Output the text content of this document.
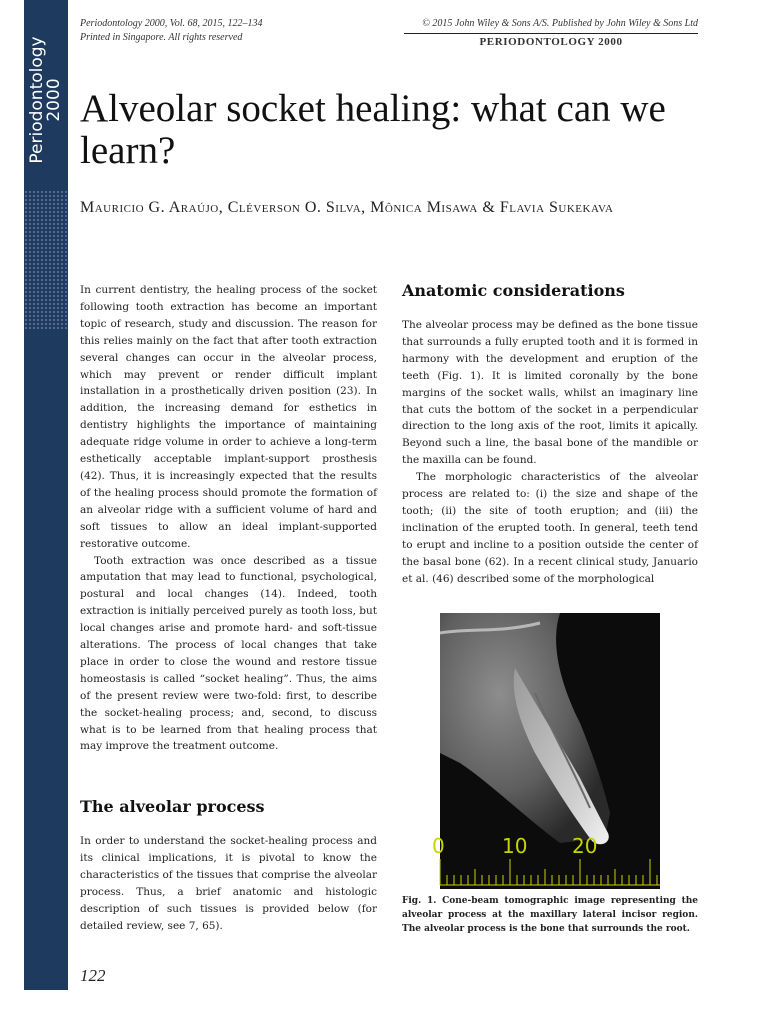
Periodontology
2000
Periodontology 2000, Vol. 68, 2015, 122–134
Printed in Singapore. All rights reserved
© 2015 John Wiley & Sons A/S. Published by John Wiley & Sons Ltd
PERIODONTOLOGY 2000
Alveolar socket healing: what can we learn?
Mauricio G. Araújo, Cléverson O. Silva, Mônica Misawa & Flavia Sukekava

In current dentistry, the healing process of the socket following tooth extraction has become an important topic of research, study and discussion. The reason for this relies mainly on the fact that after tooth extraction several changes can occur in the alveolar process, which may prevent or render difficult implant installation in a prosthetically driven position (23). In addition, the increasing demand for esthetics in dentistry highlights the importance of maintaining adequate ridge volume in order to achieve a long-term esthetically acceptable implant-support prosthesis (42). Thus, it is increasingly expected that the results of the healing process should promote the formation of an alveolar ridge with a sufficient volume of hard and soft tissues to allow an ideal implant-supported restorative outcome.

Tooth extraction was once described as a tissue amputation that may lead to functional, psychological, postural and local changes (14). Indeed, tooth extraction is initially perceived purely as tooth loss, but local changes arise and promote hard- and soft-tissue alterations. The process of local changes that take place in order to close the wound and restore tissue homeostasis is called “socket healing”. Thus, the aims of the present review were two-fold: first, to describe the socket-healing process; and, second, to discuss what is to be learned from that healing process that may improve the treatment outcome.

The alveolar process

In order to understand the socket-healing process and its clinical implications, it is pivotal to know the characteristics of the tissues that comprise the alveolar process. Thus, a brief anatomic and histologic description of such tissues is provided below (for detailed review, see 7, 65).

Anatomic considerations

The alveolar process may be defined as the bone tissue that surrounds a fully erupted tooth and it is formed in harmony with the development and eruption of the teeth (Fig. 1). It is limited coronally by the bone margins of the socket walls, whilst an imaginary line that cuts the bottom of the socket in a perpendicular direction to the long axis of the root, limits it apically. Beyond such a line, the basal bone of the mandible or the maxilla can be found.

The morphologic characteristics of the alveolar process are related to: (i) the size and shape of the tooth; (ii) the site of tooth eruption; and (iii) the inclination of the erupted tooth. In general, teeth tend to erupt and incline to a position outside the center of the basal bone (62). In a recent clinical study, Januario et al. (46) described some of the morphological

0	10 20
Fig. 1. Cone-beam tomographic image representing the alveolar process at the maxillary lateral incisor region. The alveolar process is the bone that surrounds the root.
122
